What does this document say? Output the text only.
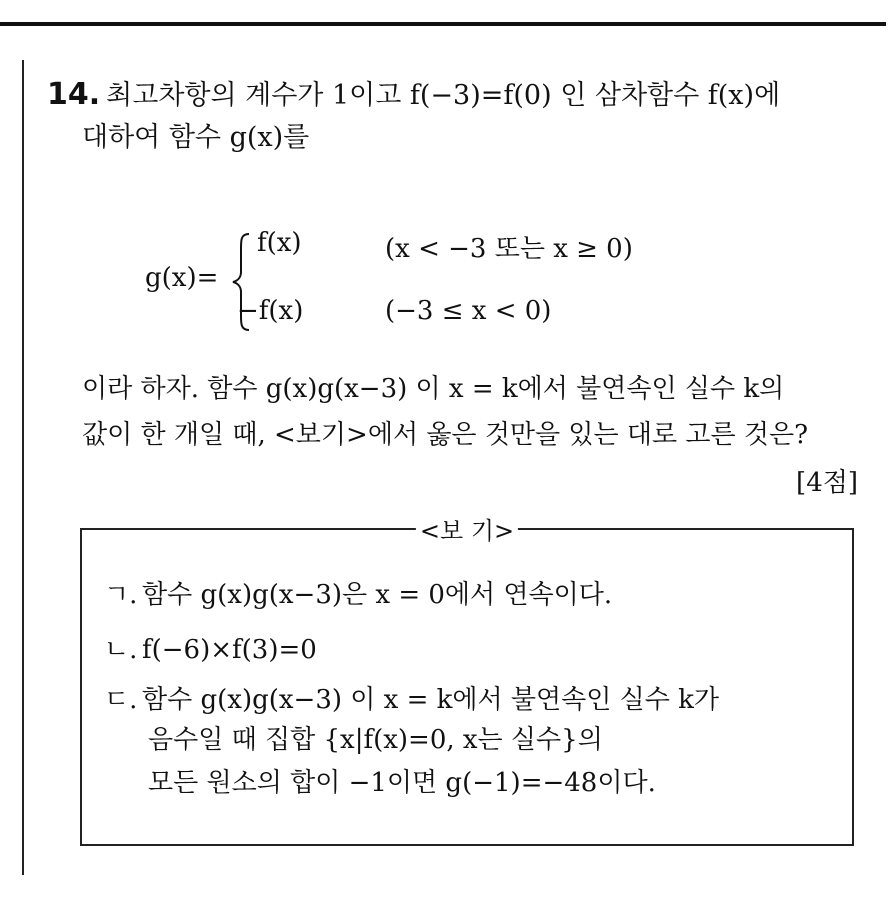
14. 최고차항의 계수가 1이고 f(−3)=f(0) 인 삼차함수 f(x)에
대하여 함수 g(x)를
g(x)=
f(x)	(x < −3 또는 x ≥ 0)
−f(x)	(−3 ≤ x < 0)
이라 하자. 함수 g(x)g(x−3) 이 x = k에서 불연속인 실수 k의
값이 한 개일 때, <보기>에서 옳은 것만을 있는 대로 고른 것은?
[4점]
<보 기>
ㄱ. 함수 g(x)g(x−3)은 x = 0에서 연속이다.
ㄴ. f(−6)×f(3)=0
ㄷ. 함수 g(x)g(x−3) 이 x = k에서 불연속인 실수 k가
음수일 때 집합 {x|f(x)=0, x는 실수}의
모든 원소의 합이 −1이면 g(−1)=−48이다.
